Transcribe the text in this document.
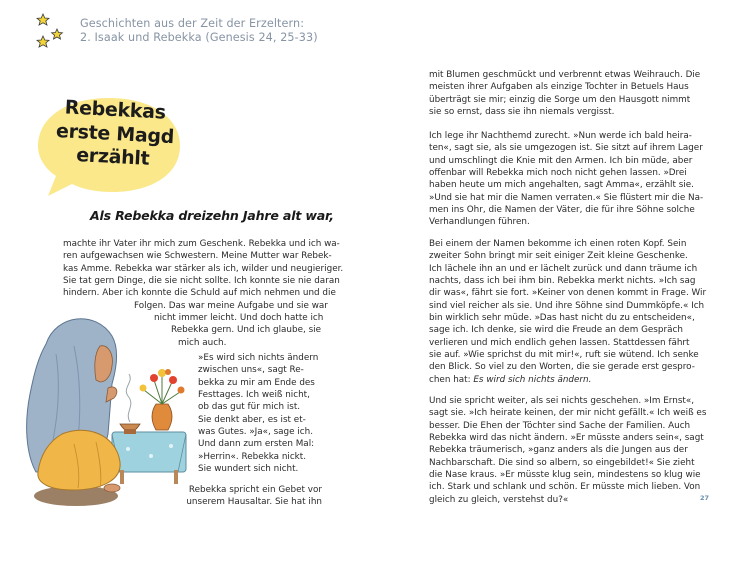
Geschichten aus der Zeit der Erzeltern:
2. Isaak und Rebekka (Genesis 24, 25-33)
Rebekkas
erste Magd
erzählt
Als Rebekka dreizehn Jahre alt war,
machte ihr Vater ihr mich zum Geschenk. Rebekka und ich wa-
ren aufgewachsen wie Schwestern. Meine Mutter war Rebek-
kas Amme. Rebekka war stärker als ich, wilder und neugieriger.
Sie tat gern Dinge, die sie nicht sollte. Ich konnte sie nie daran
hindern. Aber ich konnte die Schuld auf mich nehmen und die
Folgen. Das war meine Aufgabe und sie war
nicht immer leicht. Und doch hatte ich
Rebekka gern. Und ich glaube, sie
mich auch.
»Es wird sich nichts ändern
zwischen uns«, sagt Re-
bekka zu mir am Ende des
Festtages. Ich weiß nicht,
ob das gut für mich ist.
Sie denkt aber, es ist et-
was Gutes. »Ja«, sage ich.
Und dann zum ersten Mal:
»Herrin«. Rebekka nickt.
Sie wundert sich nicht.
Rebekka spricht ein Gebet vor
unserem Hausaltar. Sie hat ihn
mit Blumen geschmückt und verbrennt etwas Weihrauch. Die
meisten ihrer Aufgaben als einzige Tochter in Betuels Haus
überträgt sie mir; einzig die Sorge um den Hausgott nimmt
sie so ernst, dass sie ihn niemals vergisst.
Ich lege ihr Nachthemd zurecht. »Nun werde ich bald heira-
ten«, sagt sie, als sie umgezogen ist. Sie sitzt auf ihrem Lager
und umschlingt die Knie mit den Armen. Ich bin müde, aber
offenbar will Rebekka mich noch nicht gehen lassen. »Drei
haben heute um mich angehalten, sagt Amma«, erzählt sie.
»Und sie hat mir die Namen verraten.« Sie flüstert mir die Na-
men ins Ohr, die Namen der Väter, die für ihre Söhne solche
Verhandlungen führen.
Bei einem der Namen bekomme ich einen roten Kopf. Sein
zweiter Sohn bringt mir seit einiger Zeit kleine Geschenke.
Ich lächele ihn an und er lächelt zurück und dann träume ich
nachts, dass ich bei ihm bin. Rebekka merkt nichts. »Ich sag
dir was«, fährt sie fort. »Keiner von denen kommt in Frage. Wir
sind viel reicher als sie. Und ihre Söhne sind Dummköpfe.« Ich
bin wirklich sehr müde. »Das hast nicht du zu entscheiden«,
sage ich. Ich denke, sie wird die Freude an dem Gespräch
verlieren und mich endlich gehen lassen. Stattdessen fährt
sie auf. »Wie sprichst du mit mir!«, ruft sie wütend. Ich senke
den Blick. So viel zu den Worten, die sie gerade erst gespro-
chen hat: Es wird sich nichts ändern.
Und sie spricht weiter, als sei nichts geschehen. »Im Ernst«,
sagt sie. »Ich heirate keinen, der mir nicht gefällt.« Ich weiß es
besser. Die Ehen der Töchter sind Sache der Familien. Auch
Rebekka wird das nicht ändern. »Er müsste anders sein«, sagt
Rebekka träumerisch, »ganz anders als die Jungen aus der
Nachbarschaft. Die sind so albern, so eingebildet!« Sie zieht
die Nase kraus. »Er müsste klug sein, mindestens so klug wie
ich. Stark und schlank und schön. Er müsste mich lieben. Von
gleich zu gleich, verstehst du?«	27
